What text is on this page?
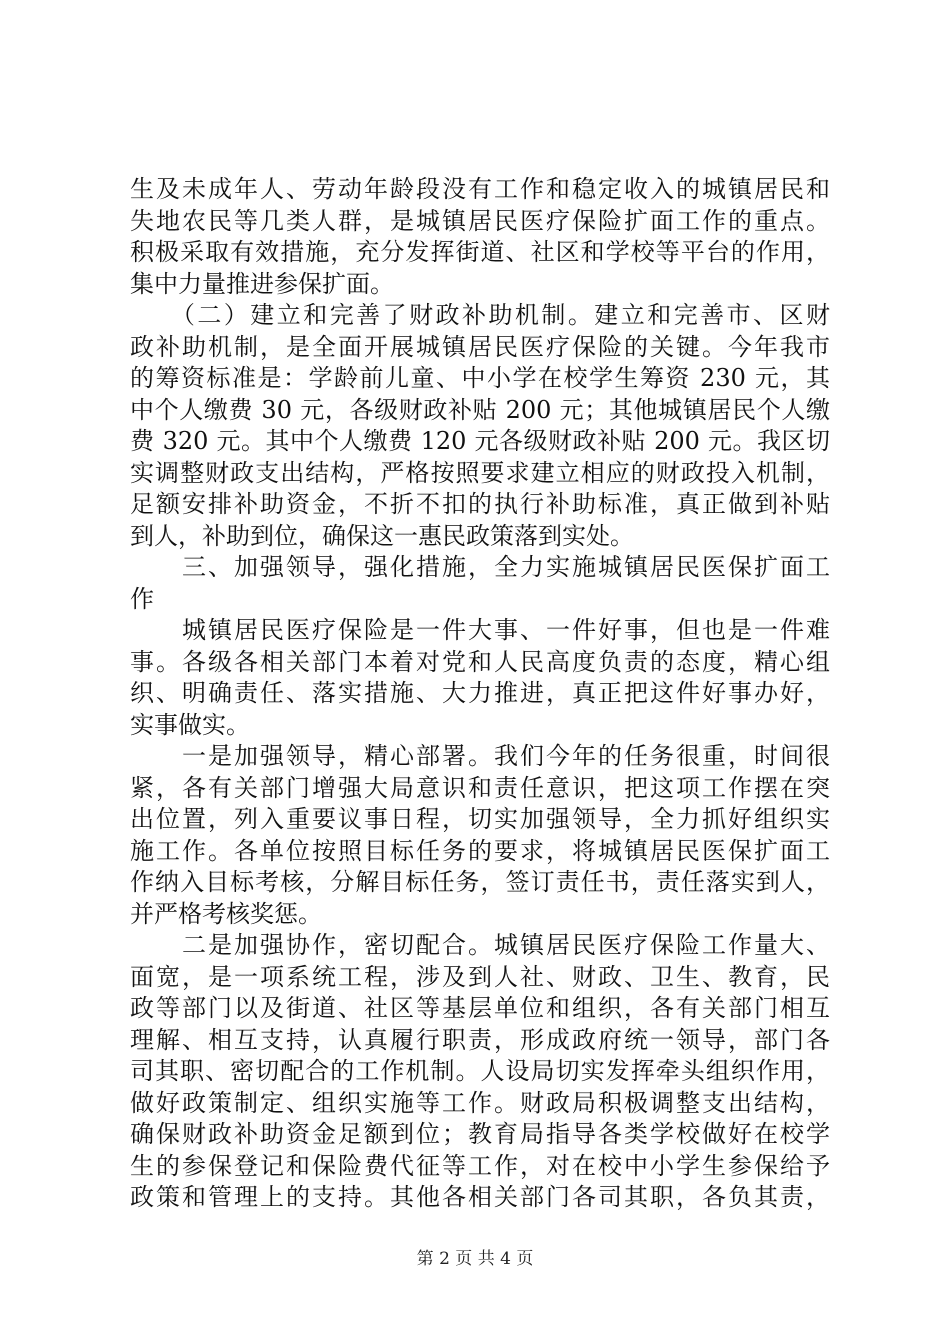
生及未成年人、劳动年龄段没有工作和稳定收入的城镇居民和
失地农民等几类人群，是城镇居民医疗保险扩面工作的重点。
积极采取有效措施，充分发挥街道、社区和学校等平台的作用，
集中力量推进参保扩面。
　　（二）建立和完善了财政补助机制。建立和完善市、区财
政补助机制，是全面开展城镇居民医疗保险的关键。今年我市
的筹资标准是：学龄前儿童、中小学在校学生筹资 230 元，其
中个人缴费 30 元，各级财政补贴 200 元；其他城镇居民个人缴
费 320 元。其中个人缴费 120 元各级财政补贴 200 元。我区切
实调整财政支出结构，严格按照要求建立相应的财政投入机制，
足额安排补助资金，不折不扣的执行补助标准，真正做到补贴
到人，补助到位，确保这一惠民政策落到实处。
　　三、加强领导，强化措施，全力实施城镇居民医保扩面工
作
　　城镇居民医疗保险是一件大事、一件好事，但也是一件难
事。各级各相关部门本着对党和人民高度负责的态度，精心组
织、明确责任、落实措施、大力推进，真正把这件好事办好，
实事做实。
　　一是加强领导，精心部署。我们今年的任务很重，时间很
紧，各有关部门增强大局意识和责任意识，把这项工作摆在突
出位置，列入重要议事日程，切实加强领导，全力抓好组织实
施工作。各单位按照目标任务的要求，将城镇居民医保扩面工
作纳入目标考核，分解目标任务，签订责任书，责任落实到人，
并严格考核奖惩。
　　二是加强协作，密切配合。城镇居民医疗保险工作量大、
面宽，是一项系统工程，涉及到人社、财政、卫生、教育，民
政等部门以及街道、社区等基层单位和组织，各有关部门相互
理解、相互支持，认真履行职责，形成政府统一领导，部门各
司其职、密切配合的工作机制。人设局切实发挥牵头组织作用，
做好政策制定、组织实施等工作。财政局积极调整支出结构，
确保财政补助资金足额到位；教育局指导各类学校做好在校学
生的参保登记和保险费代征等工作，对在校中小学生参保给予
政策和管理上的支持。其他各相关部门各司其职，各负其责，
第 2 页 共 4 页
